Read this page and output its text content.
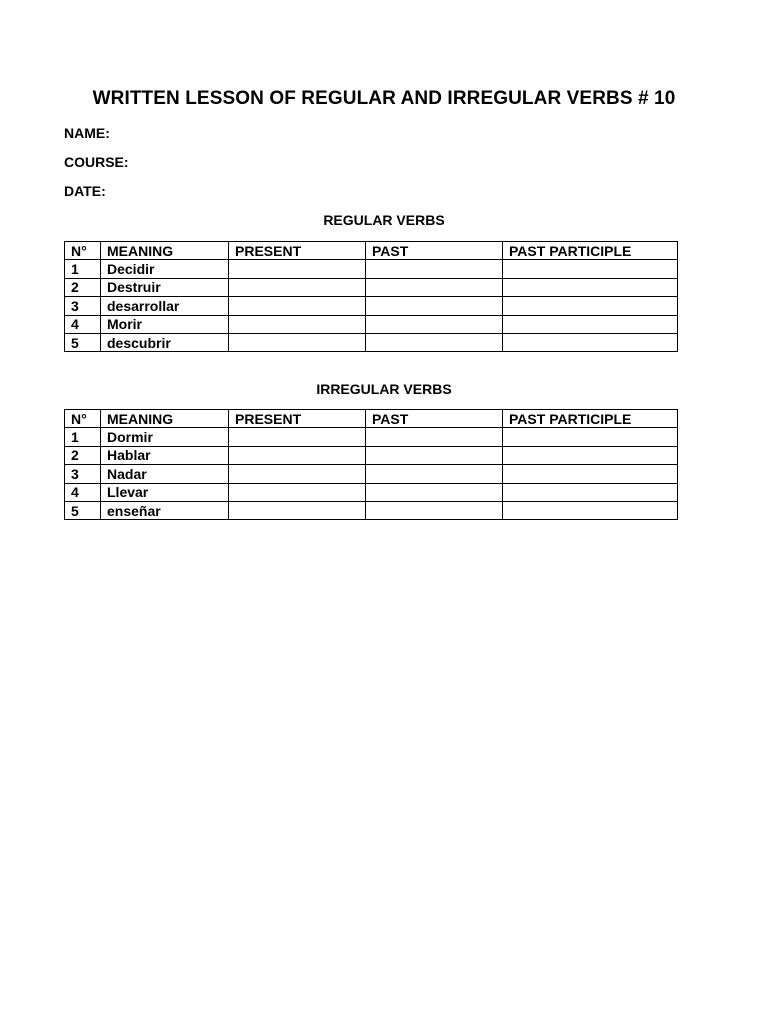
WRITTEN LESSON OF REGULAR AND IRREGULAR VERBS # 10
NAME:
COURSE:
DATE:
REGULAR VERBS
N°	MEANING	PRESENT	PAST	PAST PARTICIPLE
1	Decidir			
2	Destruir			
3	desarrollar			
4	Morir			
5	descubrir			
IRREGULAR VERBS
N°	MEANING	PRESENT	PAST	PAST PARTICIPLE
1	Dormir			
2	Hablar			
3	Nadar			
4	Llevar			
5	enseñar			
